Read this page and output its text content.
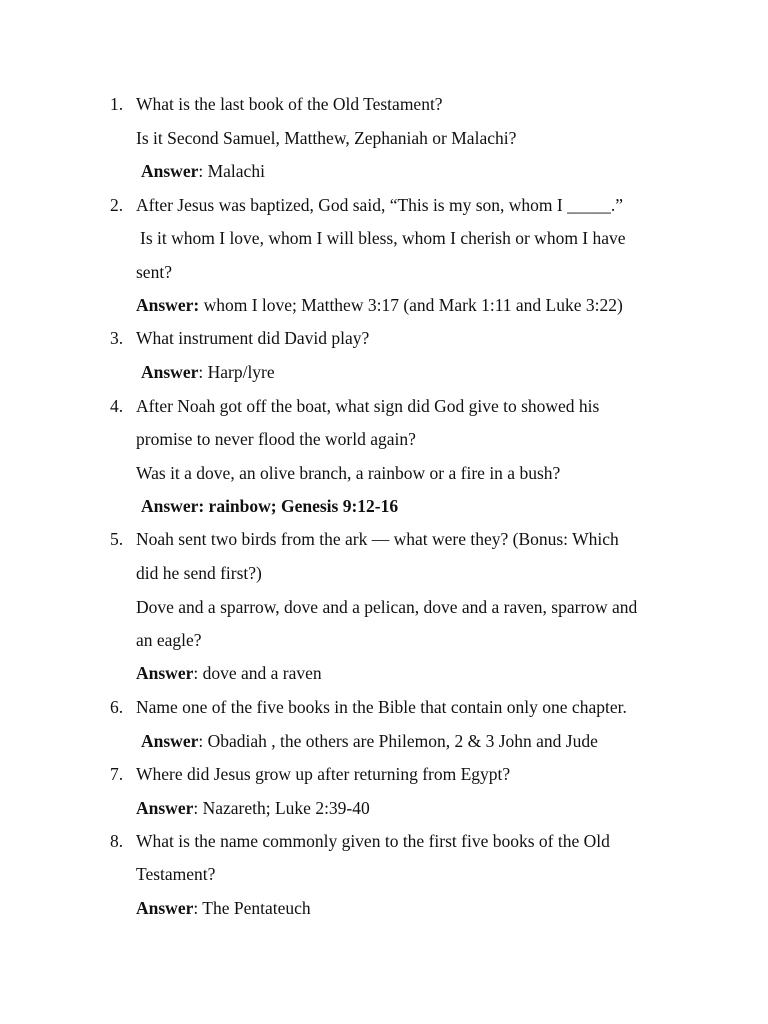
1. What is the last book of the Old Testament?
Is it Second Samuel, Matthew, Zephaniah or Malachi?
Answer: Malachi
2. After Jesus was baptized, God said, “This is my son, whom I _____.”
Is it whom I love, whom I will bless, whom I cherish or whom I have
sent?
Answer: whom I love; Matthew 3:17 (and Mark 1:11 and Luke 3:22)
3. What instrument did David play?
Answer: Harp/lyre
4. After Noah got off the boat, what sign did God give to showed his
promise to never flood the world again?
Was it a dove, an olive branch, a rainbow or a fire in a bush?
Answer: rainbow; Genesis 9:12-16
5. Noah sent two birds from the ark — what were they? (Bonus: Which
did he send first?)
Dove and a sparrow, dove and a pelican, dove and a raven, sparrow and
an eagle?
Answer: dove and a raven
6. Name one of the five books in the Bible that contain only one chapter.
Answer: Obadiah , the others are Philemon, 2 & 3 John and Jude
7. Where did Jesus grow up after returning from Egypt?
Answer: Nazareth; Luke 2:39-40
8. What is the name commonly given to the first five books of the Old
Testament?
Answer: The Pentateuch
